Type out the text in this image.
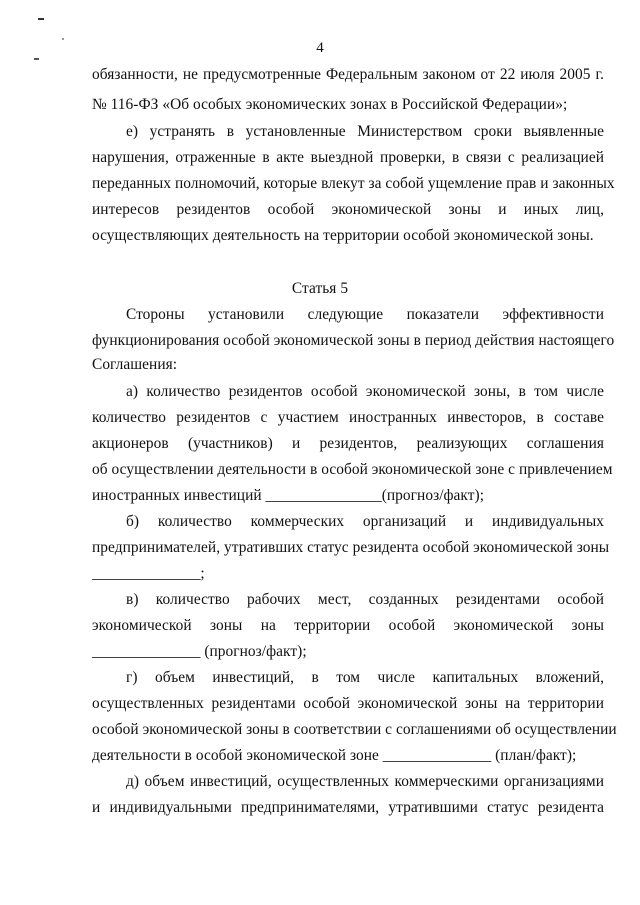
4
обязанности, не предусмотренные Федеральным законом от 22 июля 2005 г.
№ 116-ФЗ «Об особых экономических зонах в Российской Федерации»;
е) устранять в установленные Министерством сроки выявленные
нарушения, отраженные в акте выездной проверки, в связи с реализацией
переданных полномочий, которые влекут за собой ущемление прав и законных
интересов резидентов особой экономической зоны и иных лиц,
осуществляющих деятельность на территории особой экономической зоны.
Статья 5
Стороны установили следующие показатели эффективности
функционирования особой экономической зоны в период действия настоящего
Соглашения:
а) количество резидентов особой экономической зоны, в том числе
количество резидентов с участием иностранных инвесторов, в составе
акционеров (участников) и резидентов, реализующих соглашения
об осуществлении деятельности в особой экономической зоне с привлечением
иностранных инвестиций _______________(прогноз/факт);
б) количество коммерческих организаций и индивидуальных
предпринимателей, утративших статус резидента особой экономической зоны
______________;
в) количество рабочих мест, созданных резидентами особой
экономической зоны на территории особой экономической зоны
______________ (прогноз/факт);
г) объем инвестиций, в том числе капитальных вложений,
осуществленных резидентами особой экономической зоны на территории
особой экономической зоны в соответствии с соглашениями об осуществлении
деятельности в особой экономической зоне ______________ (план/факт);
д) объем инвестиций, осуществленных коммерческими организациями
и индивидуальными предпринимателями, утратившими статус резидента
